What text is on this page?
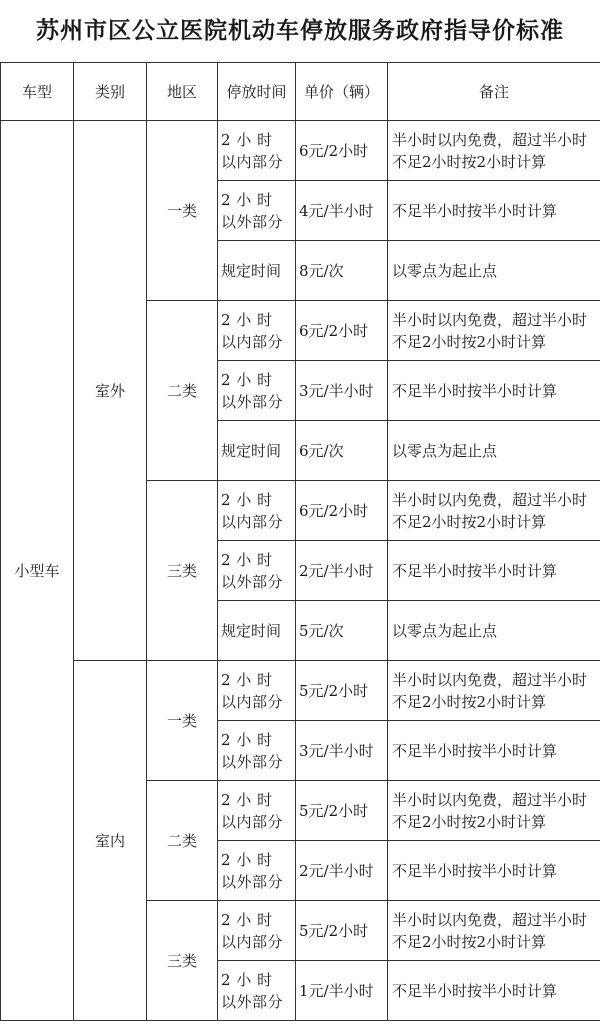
苏州市区公立医院机动车停放服务政府指导价标准
车型	类别	地区	停放时间	单价（辆）	备注
小型车	室外	一类	2 小 时 以内部分	6元/2小时	半小时以内免费，超过半小时不足2小时按2小时计算
			2 小 时 以外部分	4元/半小时	不足半小时按半小时计算
			规定时间	8元/次	以零点为起止点
		二类	2 小 时 以内部分	6元/2小时	半小时以内免费，超过半小时不足2小时按2小时计算
			2 小 时 以外部分	3元/半小时	不足半小时按半小时计算
			规定时间	6元/次	以零点为起止点
		三类	2 小 时 以内部分	6元/2小时	半小时以内免费，超过半小时不足2小时按2小时计算
			2 小 时 以外部分	2元/半小时	不足半小时按半小时计算
			规定时间	5元/次	以零点为起止点
	室内	一类	2 小 时 以内部分	5元/2小时	半小时以内免费，超过半小时不足2小时按2小时计算
			2 小 时 以外部分	3元/半小时	不足半小时按半小时计算
		二类	2 小 时 以内部分	5元/2小时	半小时以内免费，超过半小时不足2小时按2小时计算
			2 小 时 以外部分	2元/半小时	不足半小时按半小时计算
		三类	2 小 时 以内部分	5元/2小时	半小时以内免费，超过半小时不足2小时按2小时计算
			2 小 时 以外部分	1元/半小时	不足半小时按半小时计算
